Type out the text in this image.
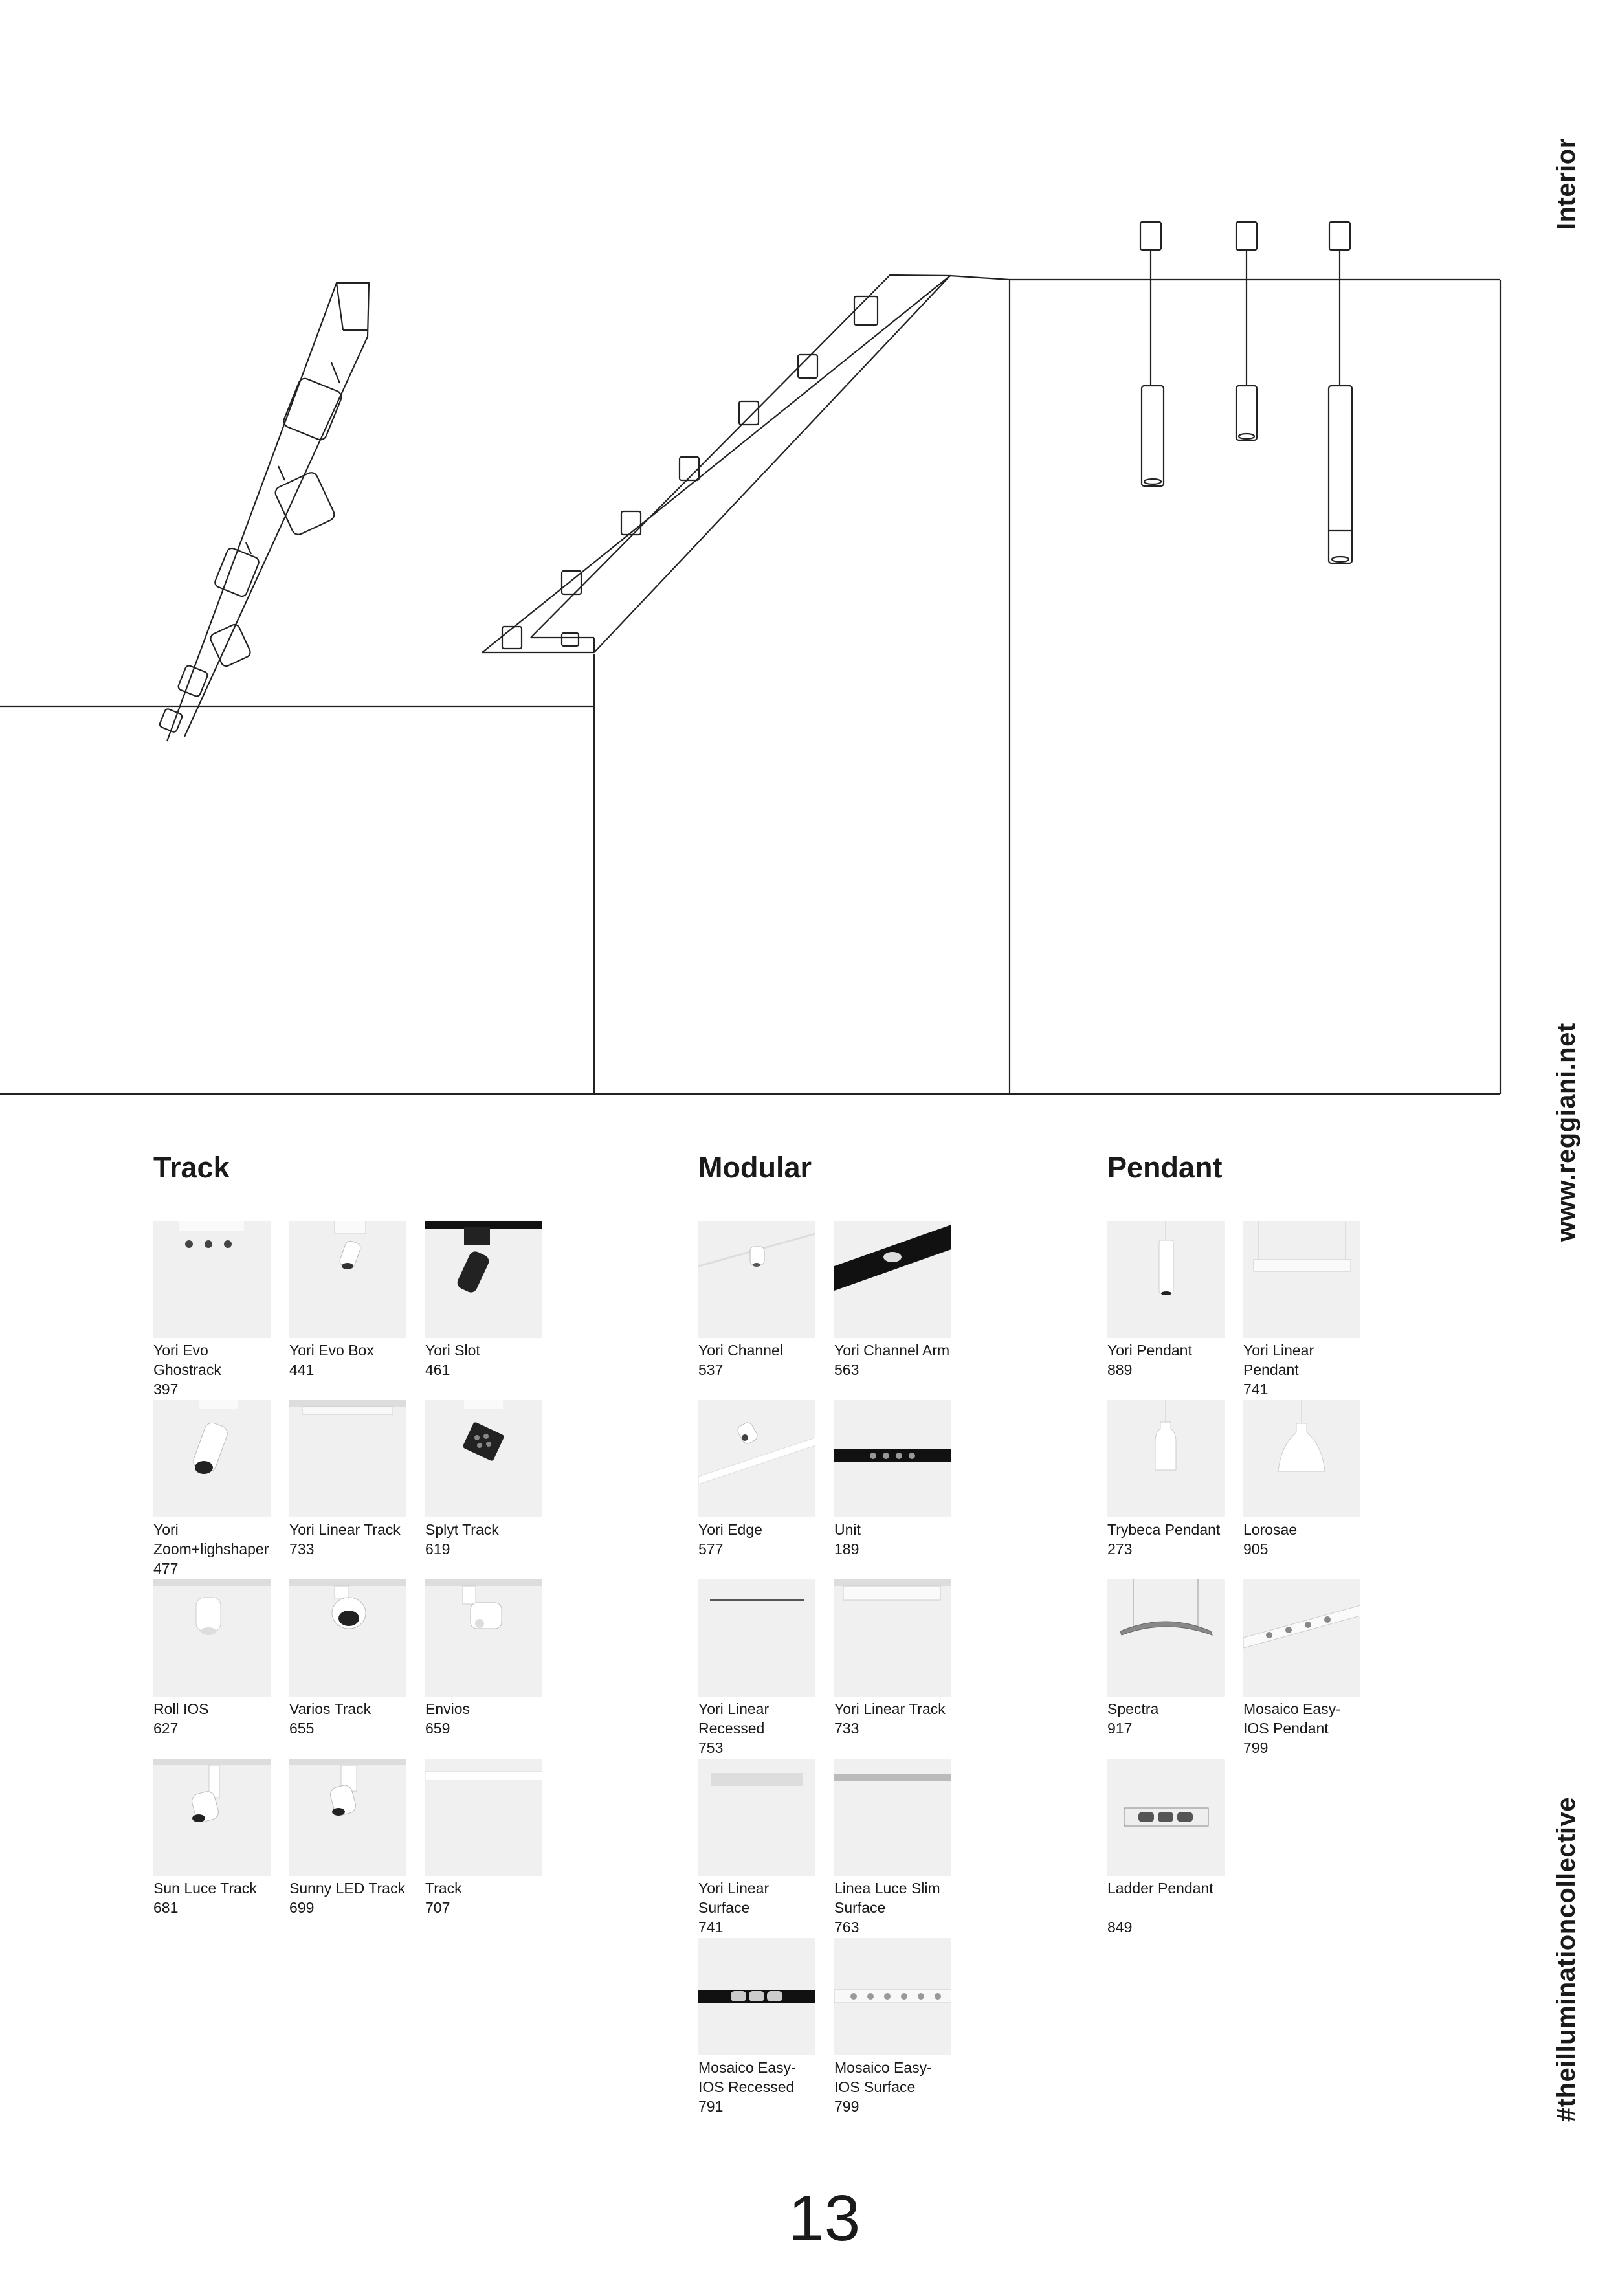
Interior
www.reggiani.net
#theilluminationcollective
Track	Modular	Pendant
Yori Evo Ghostrack
397
Yori Evo Box
441
Yori Slot
461
Yori Zoom+lighshaper
477
Yori Linear Track
733
Splyt Track
619
Roll IOS
627
Varios Track
655
Envios
659
Sun Luce Track
681
Sunny LED Track
699
Track
707
Yori Channel
537
Yori Channel Arm
563
Yori Edge
577
Unit
189
Yori Linear Recessed
753
Yori Linear Track
733
Yori Linear Surface
741
Linea Luce Slim Surface
763
Mosaico Easy-IOS Recessed
791
Mosaico Easy-IOS Surface
799
Yori Pendant
889
Yori Linear Pendant
741
Trybeca Pendant
273
Lorosae
905
Spectra
917
Mosaico Easy-IOS Pendant
799
Ladder Pendant
849
13
